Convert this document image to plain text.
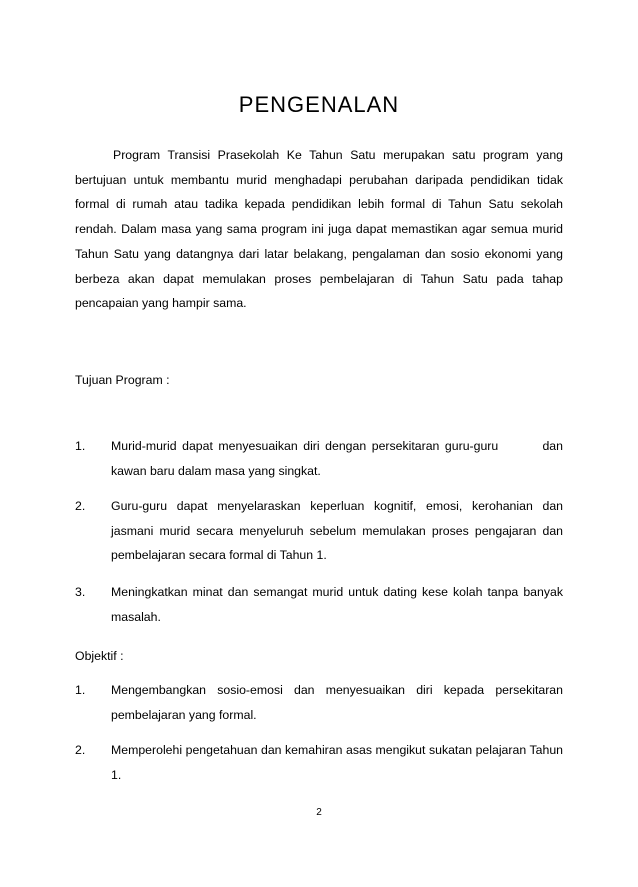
PENGENALAN
Program Transisi Prasekolah Ke Tahun Satu merupakan satu program yang bertujuan untuk membantu murid menghadapi perubahan daripada pendidikan tidak formal di rumah atau tadika kepada pendidikan lebih formal di Tahun Satu sekolah rendah. Dalam masa yang sama program ini juga dapat memastikan agar semua murid Tahun Satu yang datangnya dari latar belakang, pengalaman dan sosio ekonomi yang berbeza akan dapat memulakan proses pembelajaran di Tahun Satu pada tahap pencapaian yang hampir sama.
Tujuan Program :
1.	Murid-murid dapat menyesuaikan diri dengan persekitaran guru-guru        dan kawan baru dalam masa yang singkat.
2.	Guru-guru dapat menyelaraskan keperluan kognitif, emosi, kerohanian dan jasmani murid secara menyeluruh sebelum memulakan proses pengajaran dan pembelajaran secara formal di Tahun 1.
3.	Meningkatkan minat dan semangat murid untuk dating kese kolah tanpa banyak masalah.
Objektif :
1.	Mengembangkan sosio-emosi dan menyesuaikan diri kepada persekitaran pembelajaran yang formal.
2.	Memperolehi pengetahuan dan kemahiran asas mengikut sukatan pelajaran Tahun 1.
2
